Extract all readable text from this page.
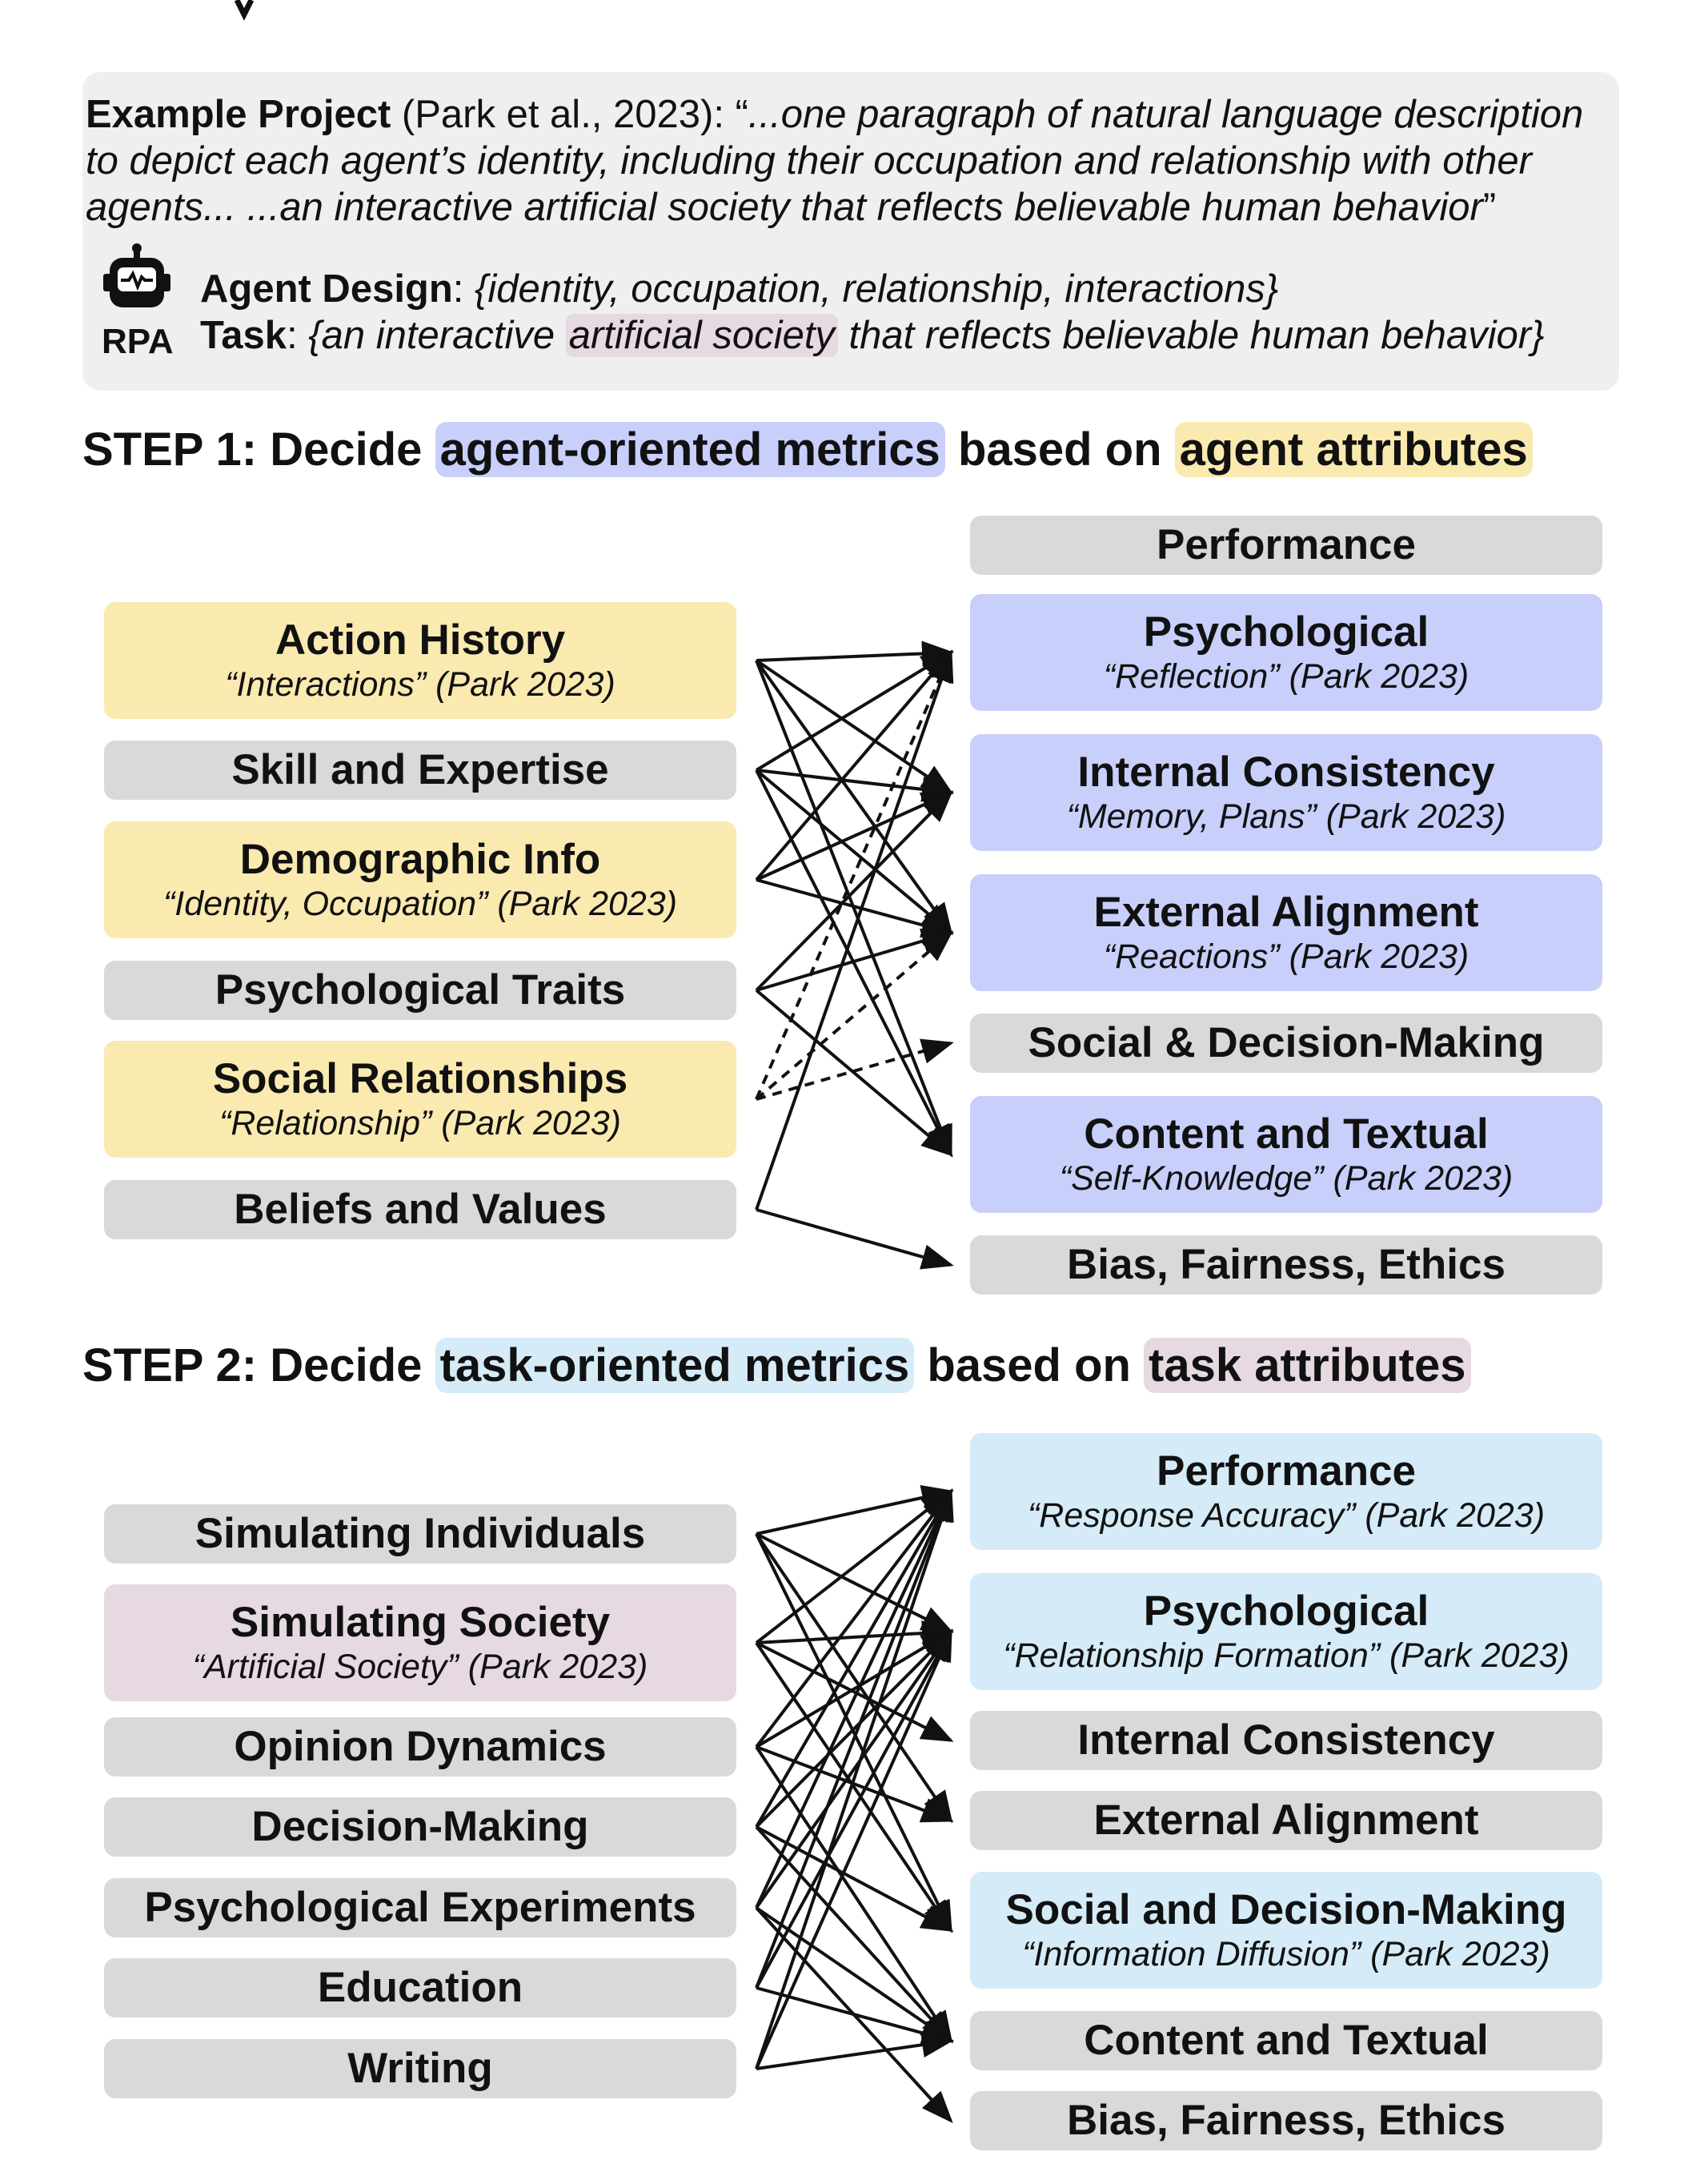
Example Project (Park et al., 2023): “...one paragraph of natural language description
to depict each agent’s identity, including their occupation and relationship with other
agents... ...an interactive artificial society that reflects believable human behavior”
RPA
Agent Design: {identity, occupation, relationship, interactions}
Task: {an interactive artificial society that reflects believable human behavior}
STEP 1: Decide agent-oriented metrics based on agent attributes
STEP 2: Decide task-oriented metrics based on task attributes
Action History
“Interactions” (Park 2023)
Skill and Expertise
Demographic Info
“Identity, Occupation” (Park 2023)
Psychological Traits
Social Relationships
“Relationship” (Park 2023)
Beliefs and Values
Performance
Psychological
“Reflection” (Park 2023)
Internal Consistency
“Memory, Plans” (Park 2023)
External Alignment
“Reactions” (Park 2023)
Social & Decision-Making
Content and Textual
“Self-Knowledge” (Park 2023)
Bias, Fairness, Ethics
Simulating Individuals
Simulating Society
“Artificial Society” (Park 2023)
Opinion Dynamics
Decision-Making
Psychological Experiments
Education
Writing
Performance
“Response Accuracy” (Park 2023)
Psychological
“Relationship Formation” (Park 2023)
Internal Consistency
External Alignment
Social and Decision-Making
“Information Diffusion” (Park 2023)
Content and Textual
Bias, Fairness, Ethics
